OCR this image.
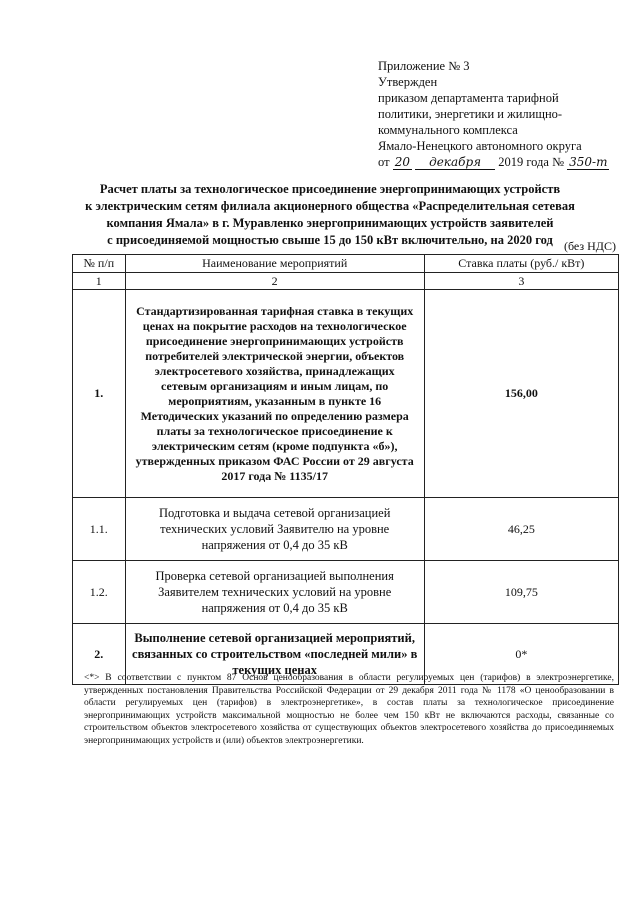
Приложение № 3
Утвержден
приказом департамента тарифной
политики, энергетики и жилищно-
коммунального комплекса
Ямало-Ненецкого автономного округа
от 20 декабря 2019 года № 350-т
Расчет платы за технологическое присоединение энергопринимающих устройств
к электрическим сетям филиала акционерного общества «Распределительная сетевая
компания Ямала» в г. Муравленко энергопринимающих устройств заявителей
с присоединяемой мощностью свыше 15 до 150 кВт включительно, на 2020 год (без НДС)
№ п/п	Наименование мероприятий	Ставка платы (руб./ кВт)
1	2	3
1.	Стандартизированная тарифная ставка в текущих ценах на покрытие расходов на технологическое присоединение энергопринимающих устройств потребителей электрической энергии, объектов электросетевого хозяйства, принадлежащих сетевым организациям и иным лицам, по мероприятиям, указанным в пункте 16 Методических указаний по определению размера платы за технологическое присоединение к электрическим сетям (кроме подпункта «б»), утвержденных приказом ФАС России от 29 августа 2017 года № 1135/17	156,00
1.1.	Подготовка и выдача сетевой организацией технических условий Заявителю на уровне напряжения от 0,4 до 35 кВ	46,25
1.2.	Проверка сетевой организацией выполнения Заявителем технических условий на уровне напряжения от 0,4 до 35 кВ	109,75
2.	Выполнение сетевой организацией мероприятий, связанных со строительством «последней мили» в текущих ценах	0*
<*> В соответствии с пунктом 87 Основ ценообразования в области регулируемых цен (тарифов) в электроэнергетике, утвержденных постановления Правительства Российской Федерации от 29 декабря 2011 года № 1178 «О ценообразовании в области регулируемых цен (тарифов) в электроэнергетике», в состав платы за технологическое присоединение энергопринимающих устройств максимальной мощностью не более чем 150 кВт не включаются расходы, связанные со строительством объектов электросетевого хозяйства от существующих объектов электросетевого хозяйства до присоединяемых энергопринимающих устройств и (или) объектов электроэнергетики.
